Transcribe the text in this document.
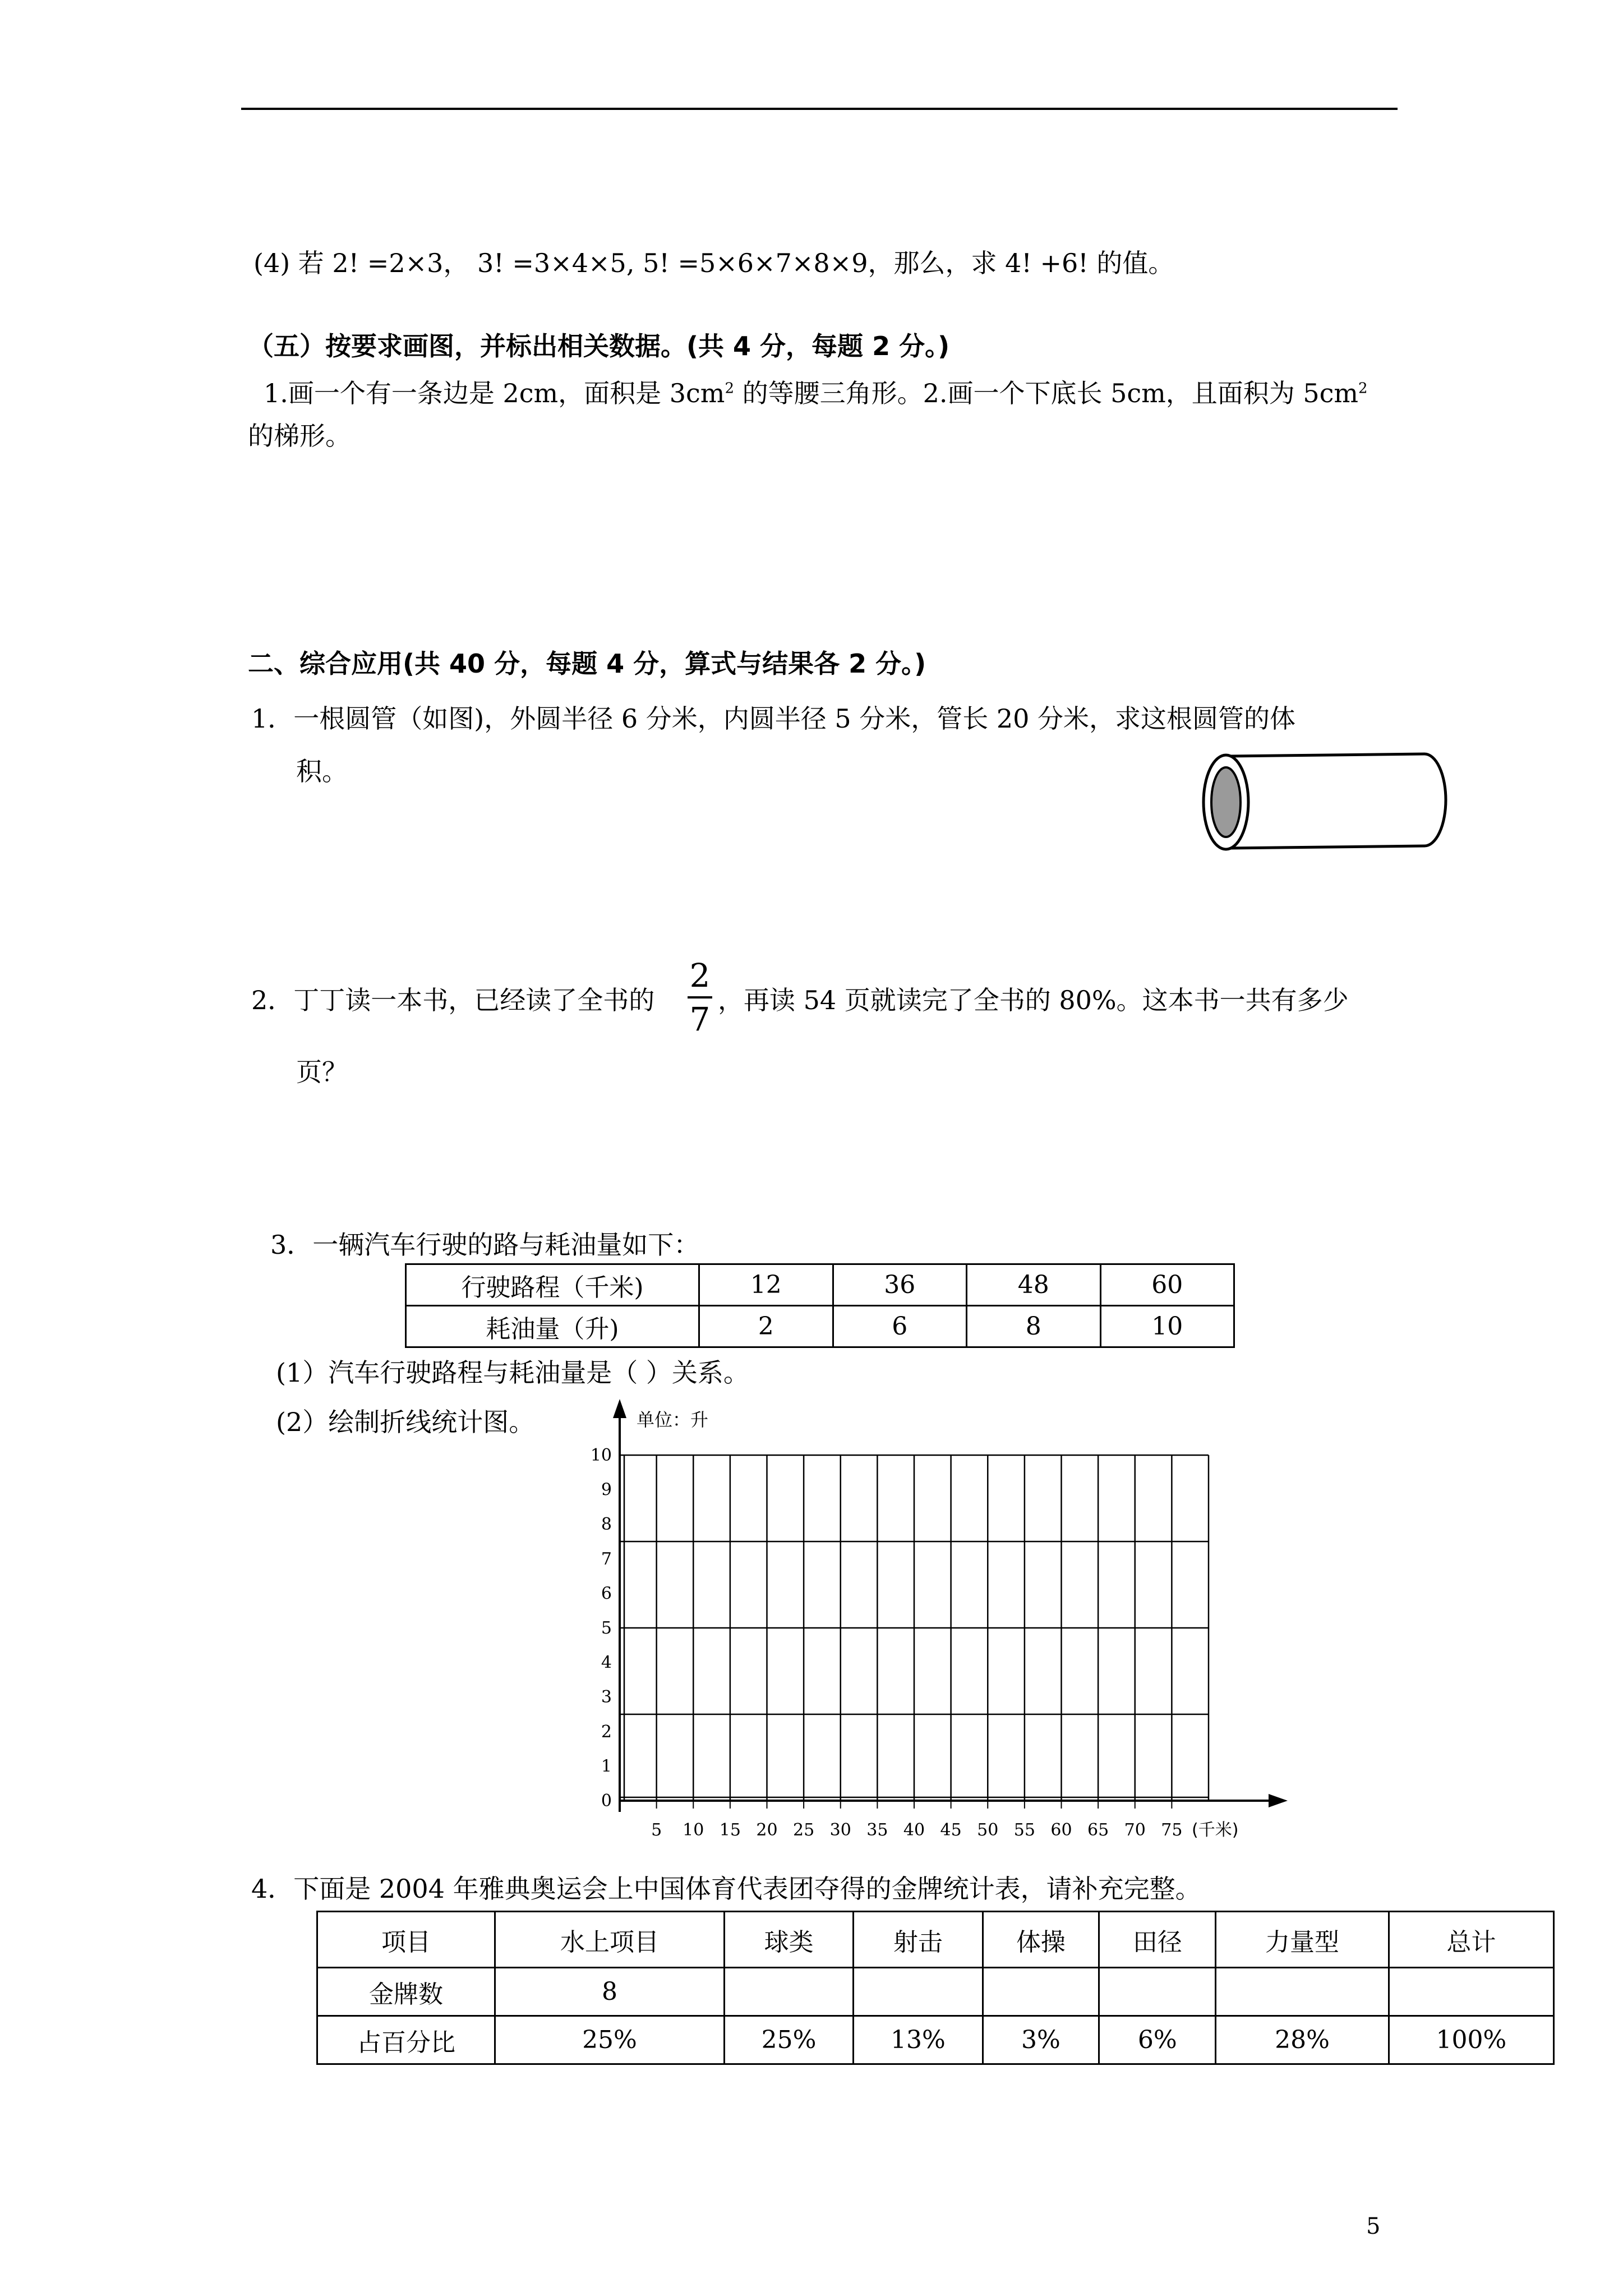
(4) 若 2! =2×3， 3! =3×4×5, 5! =5×6×7×8×9，那么，求 4! +6! 的值。
（五）按要求画图，并标出相关数据。(共 4 分，每题 2 分。)
1.画一个有一条边是 2cm，面积是 $3cm^2$ 的等腰三角形。2.画一个下底长 5cm，且面积为 $5cm^2$
的梯形。
二、综合应用(共 40 分，每题 4 分，算式与结果各 2 分。)
1．一根圆管（如图)，外圆半径 6 分米，内圆半径 5 分米，管长 20 分米，求这根圆管的体
积。
2．丁丁读一本书，已经读了全书的
2
7 ，再读 54 页就读完了全书的 80%。这本书一共有多少
页？
3．一辆汽车行驶的路与耗油量如下：
行驶路程（千米)	12	36	48	60
耗油量（升)	2	6	8	10
(1）汽车行驶路程与耗油量是（ ）关系。
(2）绘制折线统计图。
0
1
2
3
4
5
6
7
8
9
10
5 10 15 20 25 30 35 40 45 50 55 60 65 70 75
单位：升
(千米)
4．下面是 2004 年雅典奥运会上中国体育代表团夺得的金牌统计表，请补充完整。
项目	水上项目	球类	射击	体操	田径	力量型	总计
金牌数	8						
占百分比	25%	25%	13%	3%	6%	28%	100%
5
